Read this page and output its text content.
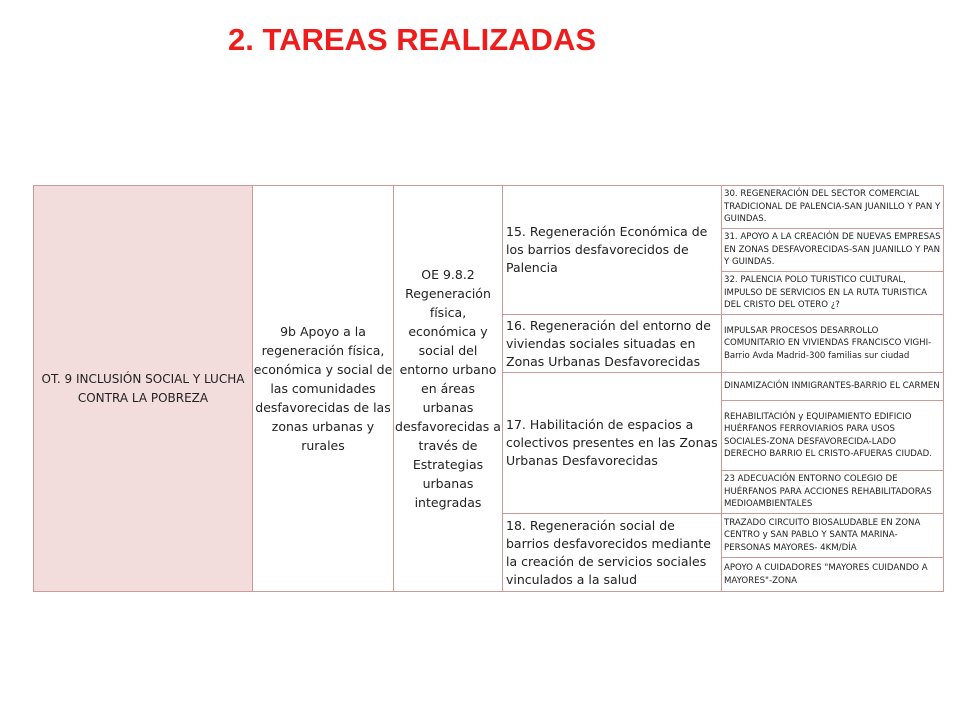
2. TAREAS REALIZADAS
OT. 9 INCLUSIÓN SOCIAL Y LUCHA CONTRA LA POBREZA	9b Apoyo a la regeneración física, económica y social de las comunidades desfavorecidas de las zonas urbanas y rurales	OE 9.8.2 Regeneración física, económica y social del entorno urbano en áreas urbanas desfavorecidas a través de Estrategias urbanas integradas	15. Regeneración Económica de los barrios desfavorecidos de Palencia	30. REGENERACIÓN DEL SECTOR COMERCIAL TRADICIONAL DE PALENCIA-SAN JUANILLO Y PAN Y GUINDAS.
				31. APOYO A LA CREACIÓN DE NUEVAS EMPRESAS EN ZONAS DESFAVORECIDAS-SAN JUANILLO Y PAN Y GUINDAS.
				32. PALENCIA POLO TURISTICO CULTURAL, IMPULSO DE SERVICIOS EN LA RUTA TURISTICA DEL CRISTO DEL OTERO ¿?
			16. Regeneración del entorno de viviendas sociales situadas en Zonas Urbanas Desfavorecidas	IMPULSAR PROCESOS DESARROLLO COMUNITARIO EN VIVIENDAS FRANCISCO VIGHI- Barrio Avda Madrid-300 familias sur ciudad
			17. Habilitación de espacios a colectivos presentes en las Zonas Urbanas Desfavorecidas	DINAMIZACIÓN INMIGRANTES-BARRIO EL CARMEN
				REHABILITACIÓN y EQUIPAMIENTO EDIFICIO HUÉRFANOS FERROVIARIOS PARA USOS SOCIALES-ZONA DESFAVORECIDA-LADO DERECHO BARRIO EL CRISTO-AFUERAS CIUDAD.
				23 ADECUACIÓN ENTORNO COLEGIO DE HUÉRFANOS PARA ACCIONES REHABILITADORAS MEDIOAMBIENTALES
			18. Regeneración social de barrios desfavorecidos mediante la creación de servicios sociales vinculados a la salud	TRAZADO CIRCUITO BIOSALUDABLE EN ZONA CENTRO y SAN PABLO Y SANTA MARINA-PERSONAS MAYORES- 4KM/DÍA
				APOYO A CUIDADORES "MAYORES CUIDANDO A MAYORES"-ZONA
